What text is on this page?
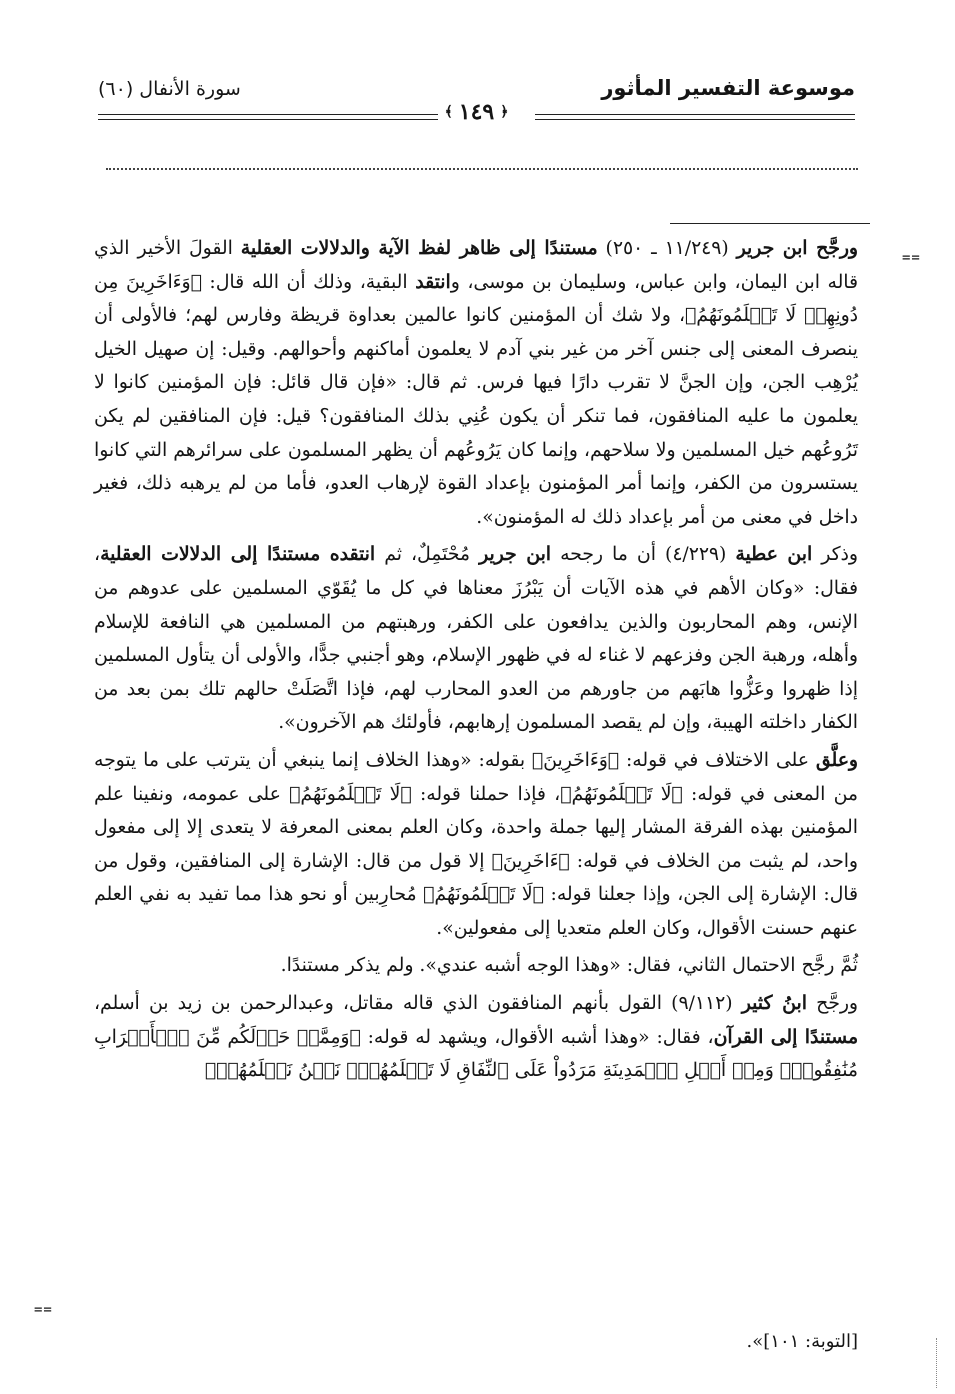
موسوعة التفسير المأثور
سورة الأنفال (٦٠)
﴿
١٤٩
﴾
==

ورجَّح ابن جرير (١١/٢٤٩ ـ ٢٥٠) مستندًا إلى ظاهر لفظ الآية والدلالات العقلية القولَ الأخير الذي قاله ابن اليمان، وابن عباس، وسليمان بن موسى، وانتقد البقية، وذلك أن الله قال: ﴿وَءَاخَرِينَ مِن دُونِهِمۡ لَا تَعۡلَمُونَهُمُ﴾، ولا شك أن المؤمنين كانوا عالمين بعداوة قريظة وفارس لهم؛ فالأولى أن ينصرف المعنى إلى جنس آخر من غير بني آدم لا يعلمون أماكنهم وأحوالهم. وقيل: إن صهيل الخيل يُرْهِب الجن، وإن الجنَّ لا تقرب دارًا فيها فرس. ثم قال: «فإن قال قائل: فإن المؤمنين كانوا لا يعلمون ما عليه المنافقون، فما تنكر أن يكون عُنِي بذلك المنافقون؟ قيل: فإن المنافقين لم يكن تَرُوعُهم خيل المسلمين ولا سلاحهم، وإنما كان يَرُوعُهم أن يظهر المسلمون على سرائرهم التي كانوا يستسرون من الكفر، وإنما أمر المؤمنون بإعداد القوة لإرهاب العدو، فأما من لم يرهبه ذلك، فغير داخل في معنى من أمر بإعداد ذلك له المؤمنون».

وذكر ابن عطية (٤/٢٢٩) أن ما رجحه ابن جرير مُحْتَمِلٌ، ثم انتقده مستندًا إلى الدلالات العقلية، فقال: «وكان الأهم في هذه الآيات أن يَبْرُزَ معناها في كل ما يُقَوّي المسلمين على عدوهم من الإنس، وهم المحاربون والذين يدافعون على الكفر، ورهبتهم من المسلمين هي النافعة للإسلام وأهله، ورهبة الجن وفزعهم لا غناء له في ظهور الإسلام، وهو أجنبي جدًّا، والأولى أن يتأول المسلمين إذا ظهروا وعَزُّوا هابَهم من جاورهم من العدو المحارب لهم، فإذا اتَّصَلَتْ حالهم تلك بمن بعد من الكفار داخلته الهيبة، وإن لم يقصد المسلمون إرهابهم، فأولئك هم الآخرون».

وعلَّق على الاختلاف في قوله: ﴿وَءَاخَرِينَ﴾ بقوله: «وهذا الخلاف إنما ينبغي أن يترتب على ما يتوجه من المعنى في قوله: ﴿لَا تَعۡلَمُونَهُمُ﴾، فإذا حملنا قوله: ﴿لَا تَعۡلَمُونَهُمُ﴾ على عمومه، ونفينا علم المؤمنين بهذه الفرقة المشار إليها جملة واحدة، وكان العلم بمعنى المعرفة لا يتعدى إلا إلى مفعول واحد، لم يثبت من الخلاف في قوله: ﴿ءَاخَرِينَ﴾ إلا قول من قال: الإشارة إلى المنافقين، وقول من قال: الإشارة إلى الجن، وإذا جعلنا قوله: ﴿لَا تَعۡلَمُونَهُمُ﴾ مُحارِبين أو نحو هذا مما تفيد به نفي العلم عنهم حسنت الأقوال، وكان العلم متعديا إلى مفعولين».

ثُمَّ رجَّح الاحتمال الثاني، فقال: «وهذا الوجه أشبه عندي». ولم يذكر مستندًا.

ورجَّح ابنُ كثير (٩/١١٢) القول بأنهم المنافقون الذي قاله مقاتل، وعبدالرحمن بن زيد بن أسلم، مستندًا إلى القرآن، فقال: «وهذا أشبه الأقوال، ويشهد له قوله: ﴿وَمِمَّنۡ حَوۡلَكُم مِّنَ ٱلۡأَعۡرَابِ مُنَٰفِقُونَۖ وَمِنۡ أَهۡلِ ٱلۡمَدِينَةِ مَرَدُواْ عَلَى ٱلنِّفَاقِ لَا تَعۡلَمُهُمۡۖ نَحۡنُ نَعۡلَمُهُمۡ﴾

[التوبة: ١٠١]».
==
